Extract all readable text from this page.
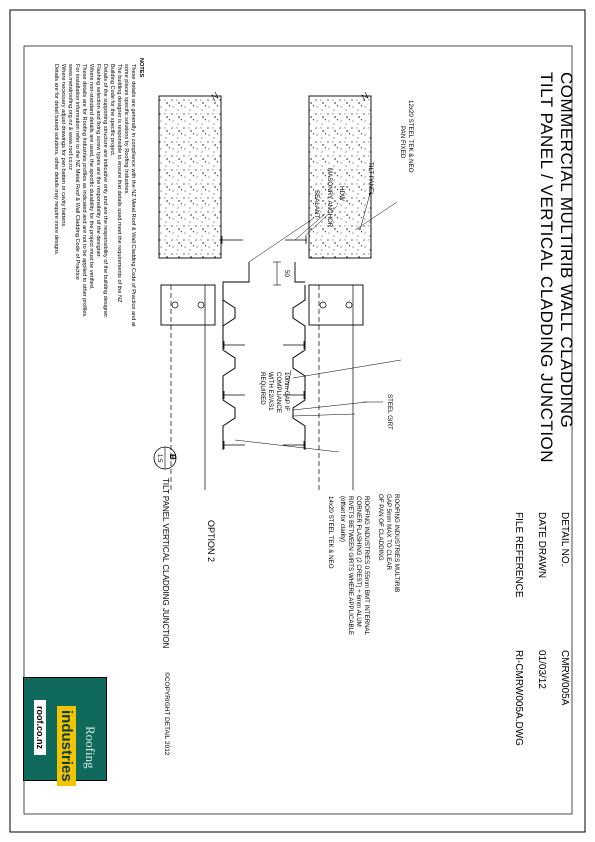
COMMERCIAL MULTIRIB WALL CLADDING
TILT PANEL / VERTICAL CLADDING JUNCTION
DETAIL NO.
CMRW005A
DATE DRAWN
01/03/12
FILE REFERENCE
RI-CMRW005A.DWG
TILT PANEL
STEEL GIRT
12x20 STEEL TEK & NEO
PAN FIXED
HDW
MASONRY ANCHOR
SEALANT
50
10mm GAP IF
COMPLIANCE
WITH E2/AS1
REQUIRED
ROOFING INDUSTRIES MULTIRIB
GAP 5mm MAX TO CLEAR
OF PAN OF CLADDING
ROOFING INDUSTRIES 0.55mm BMT INTERNAL
CORNER FLASHING (2 CREST) + 6mm ALUM
RIVETS BETWEEN GIRTS WHERE APPLICABLE
(offset for clarity)
14x20 STEEL TEK & NEO
OPTION 2
B
1:5
TILT PANEL VERTICAL CLADDING JUNCTION
©COPYRIGHT DETAIL 2012
NOTES
These details are generally in compliance with the NZ Metal Roof & Wall Cladding Code of Practice and at
some places specific solutions by Roofing Industries.
The building designer is responsible to ensure that details used meet the requirements of the NZ
Building Code for the specific project.
Details of the supporting structure are indicative only and are the responsibility of the building designer.
Flashing selection and fixing screw types are the responsibility of the designer.
Where non-standard details are used, the specific durability for the project must be verified.
These details are for Roofing Industries profiles as indicated and are not to be applied to other profiles.
For installation information refer to the NZ Metal Roof & Wall Cladding Code of Practice
www.metalroofing.org.nz & www.roof.co.nz
Where necessary adjust drawings for pan batten or cavity battens.
Details are for detail based solutions, other details may require more designs.
Roofing
industries
roof.co.nz
